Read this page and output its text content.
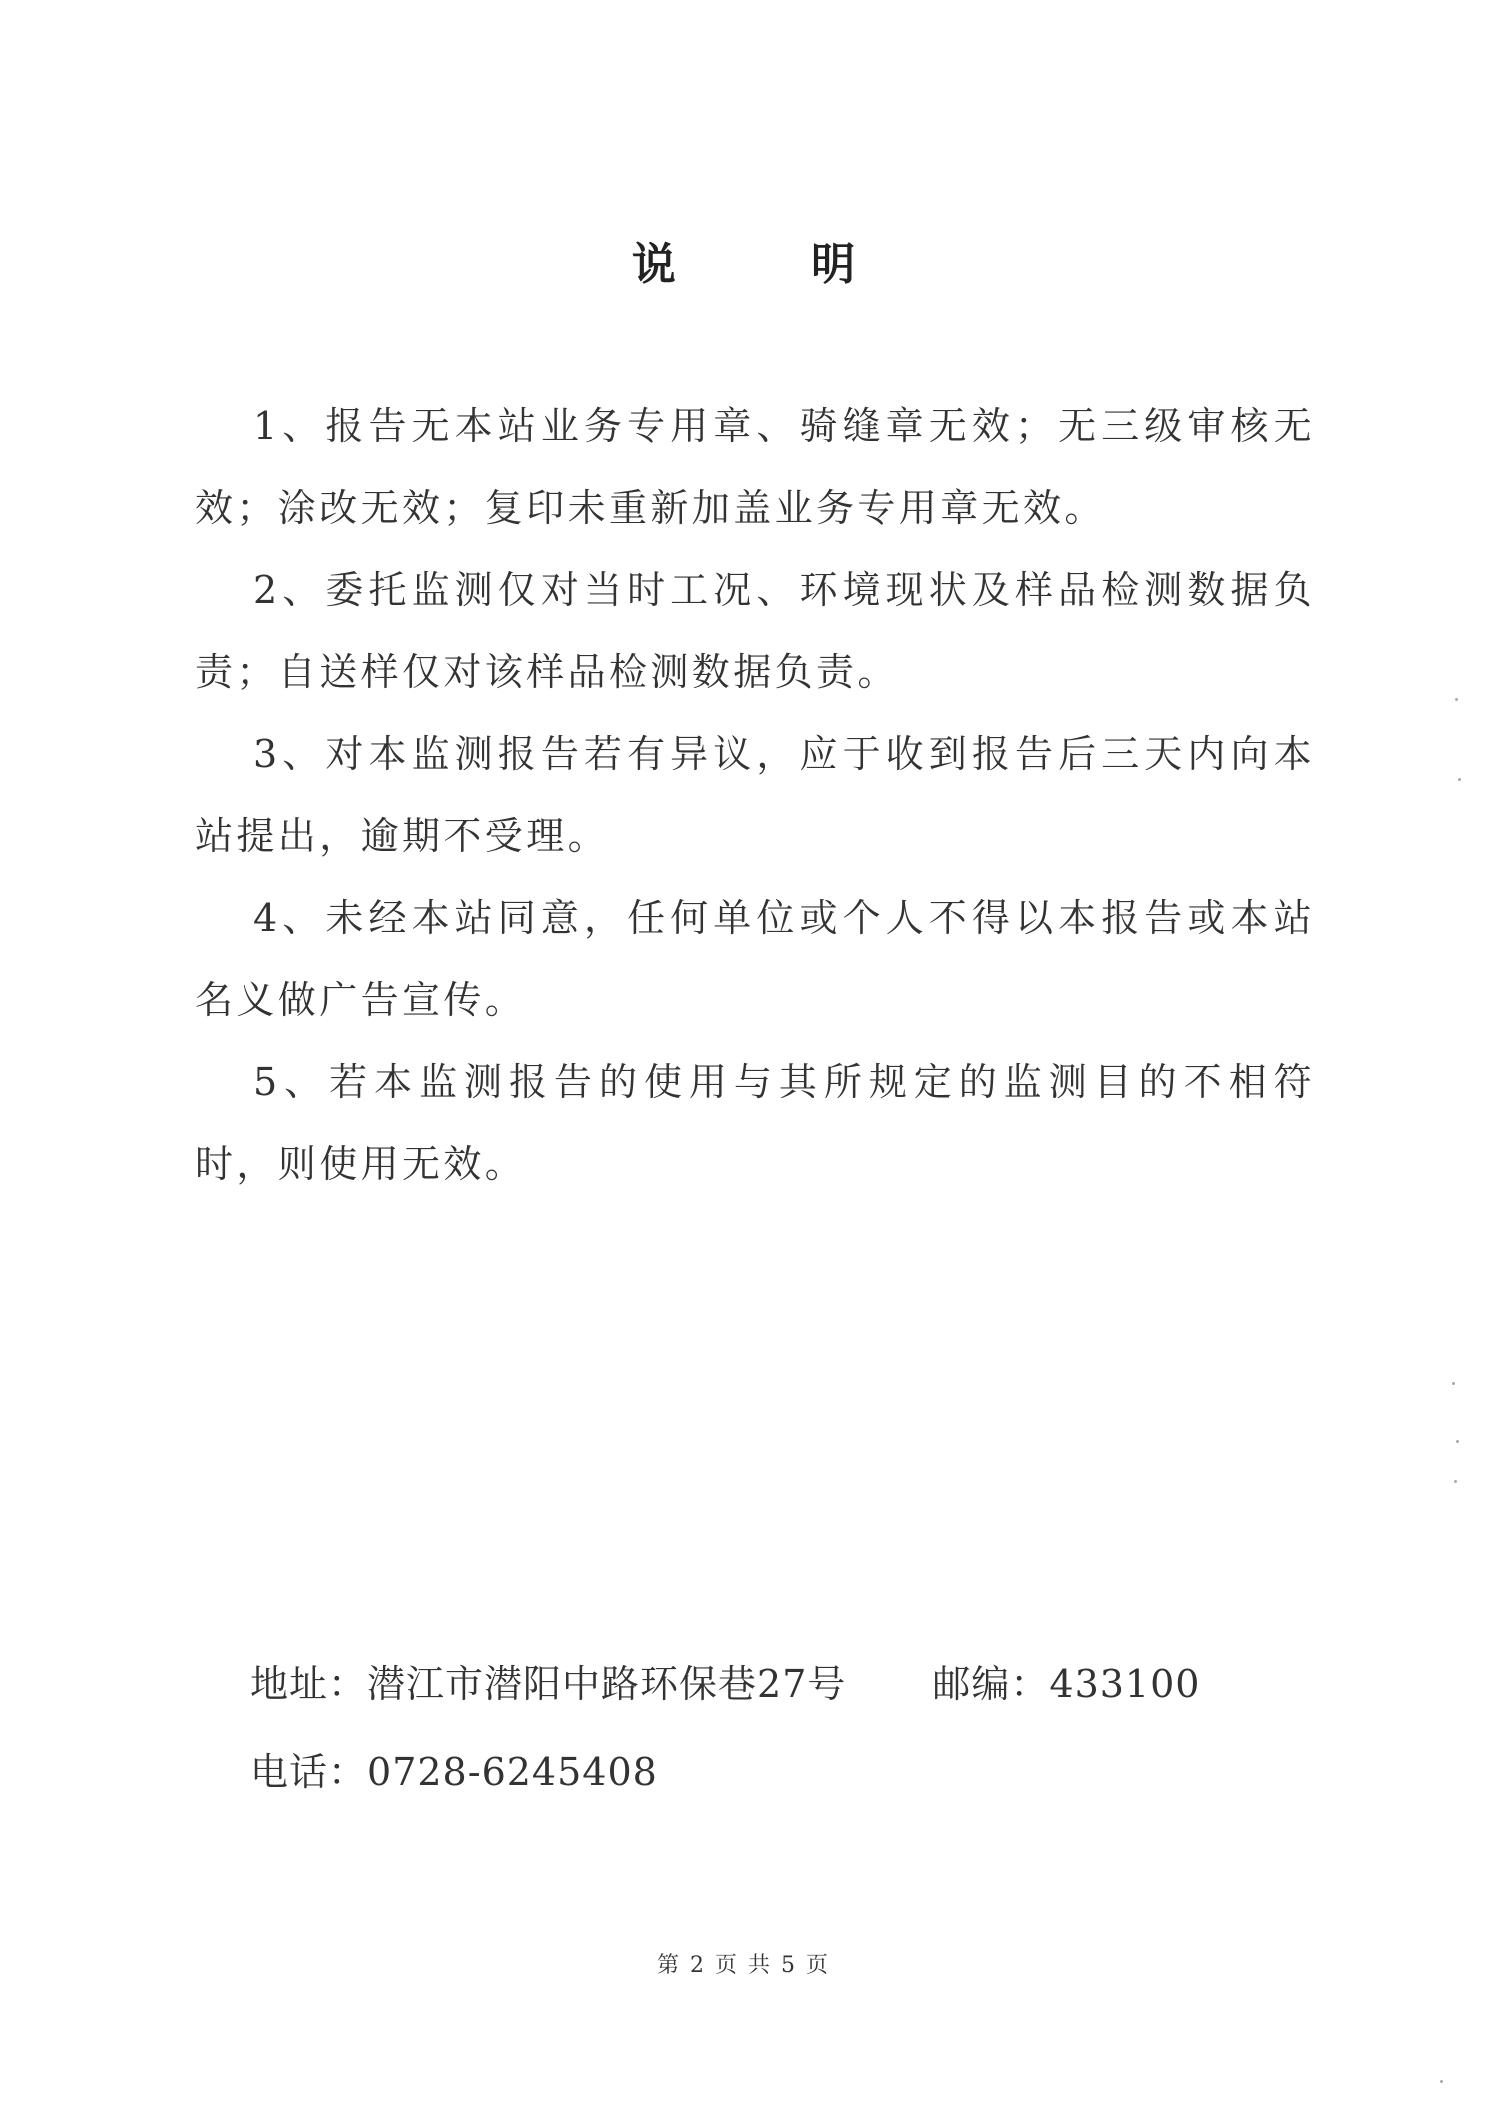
说 明

1、报告无本站业务专用章、骑缝章无效；无三级审核无效；涂改无效；复印未重新加盖业务专用章无效。

2、委托监测仅对当时工况、环境现状及样品检测数据负责；自送样仅对该样品检测数据负责。

3、对本监测报告若有异议，应于收到报告后三天内向本站提出，逾期不受理。

4、未经本站同意，任何单位或个人不得以本报告或本站名义做广告宣传。

5、若本监测报告的使用与其所规定的监测目的不相符时，则使用无效。

地址：潜江市潜阳中路环保巷27号 邮编：433100
电话：0728-6245408
第 2 页 共 5 页
